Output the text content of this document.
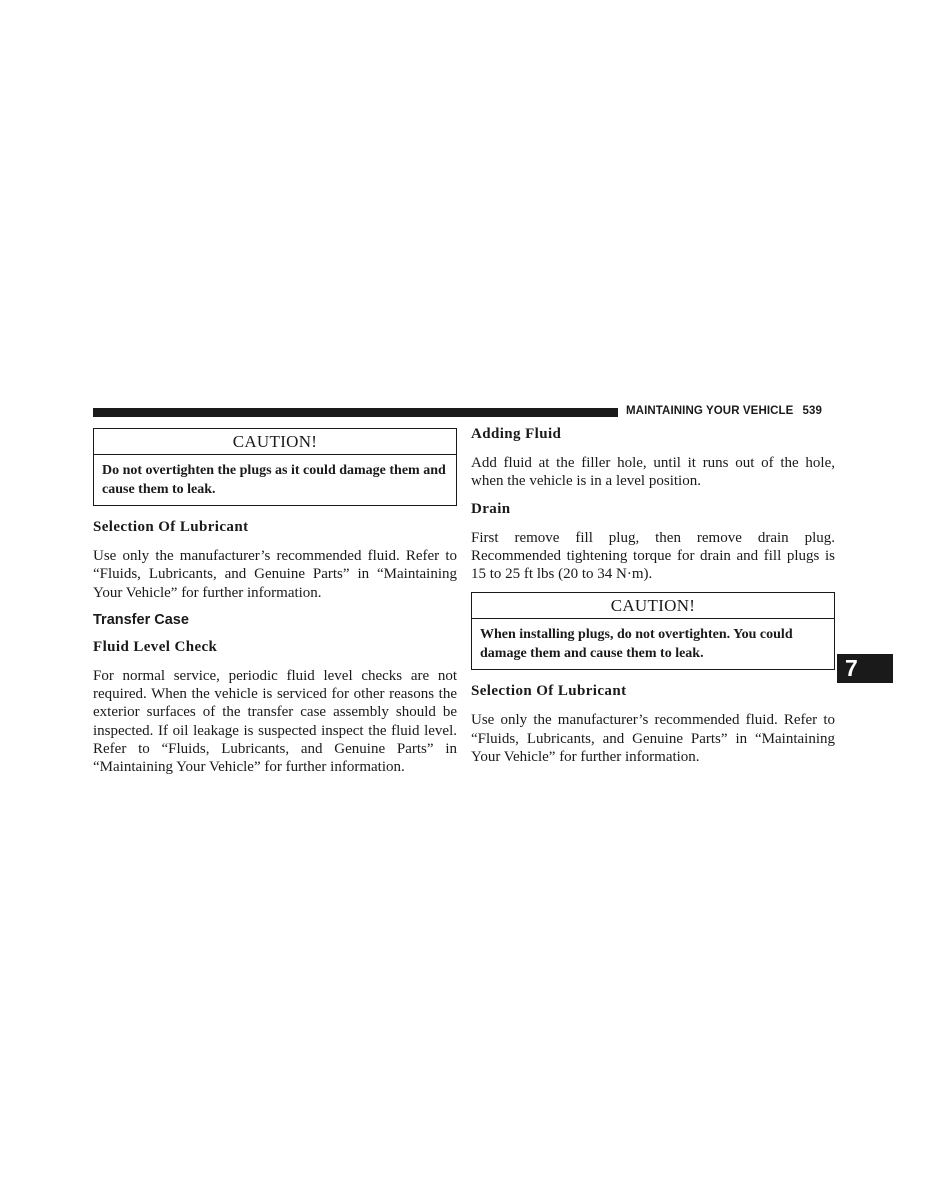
MAINTAINING YOUR VEHICLE 539
CAUTION!
Do not overtighten the plugs as it could damage them and cause them to leak.
Selection Of Lubricant

Use only the manufacturer’s recommended fluid. Refer to “Fluids, Lubricants, and Genuine Parts” in “Maintaining Your Vehicle” for further information.

Transfer Case
Fluid Level Check

For normal service, periodic fluid level checks are not required. When the vehicle is serviced for other reasons the exterior surfaces of the transfer case assembly should be inspected. If oil leakage is suspected inspect the fluid level. Refer to “Fluids, Lubricants, and Genuine Parts” in “Maintaining Your Vehicle” for further information.

Adding Fluid

Add fluid at the filler hole, until it runs out of the hole, when the vehicle is in a level position.

Drain

First remove fill plug, then remove drain plug. Recommended tightening torque for drain and fill plugs is 15 to 25 ft lbs (20 to 34 N·m).

CAUTION!
When installing plugs, do not overtighten. You could damage them and cause them to leak.
Selection Of Lubricant

Use only the manufacturer’s recommended fluid. Refer to “Fluids, Lubricants, and Genuine Parts” in “Maintaining Your Vehicle” for further information.

7
